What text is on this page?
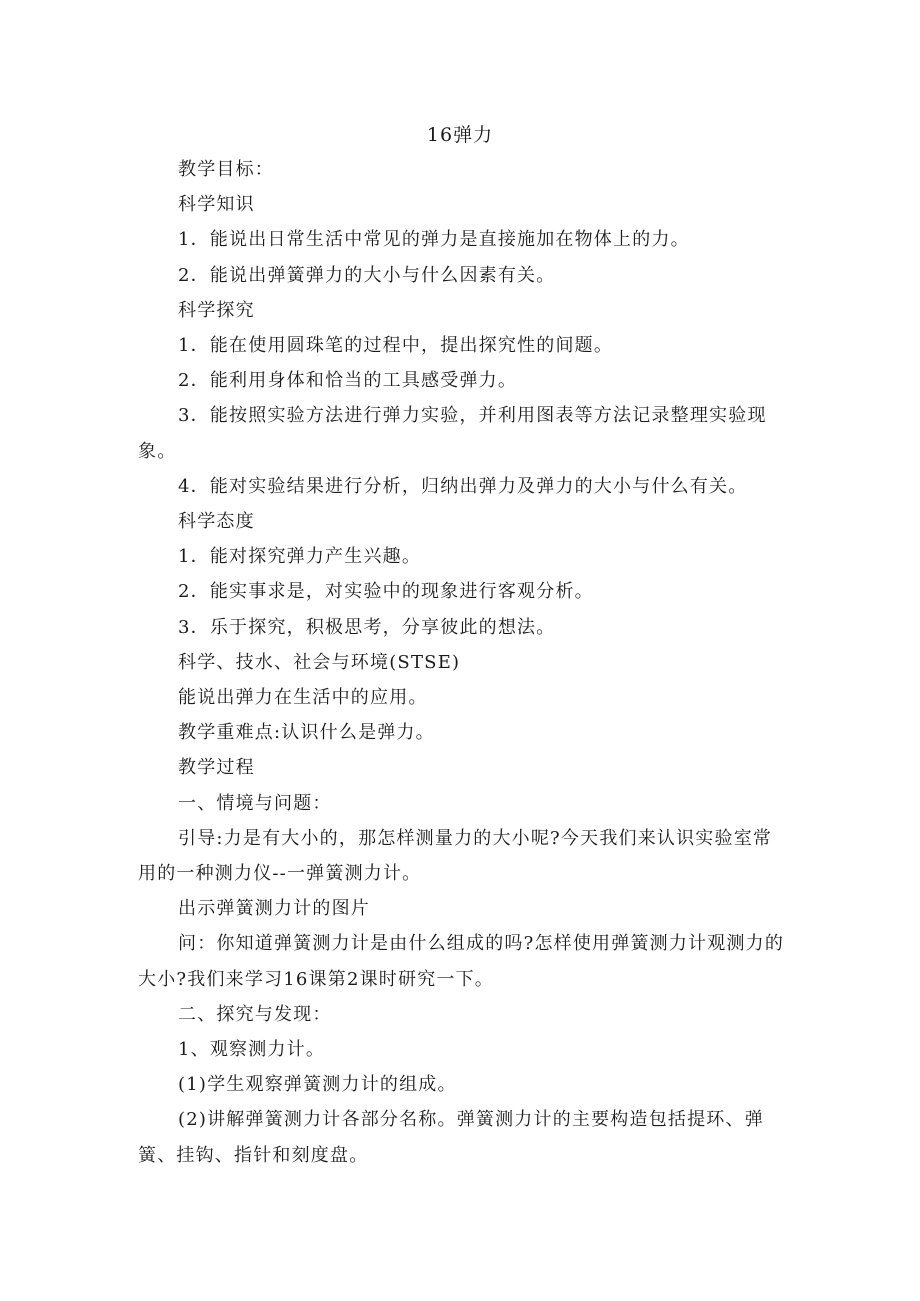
16弹力

教学目标：

科学知识

1．能说出日常生活中常见的弹力是直接施加在物体上的力。

2．能说出弹簧弹力的大小与什么因素有关。

科学探究

1．能在使用圆珠笔的过程中，提出探究性的间题。

2．能利用身体和恰当的工具感受弹力。

3．能按照实验方法进行弹力实验，并利用图表等方法记录整理实验现象。

4．能对实验结果进行分析，归纳出弹力及弹力的大小与什么有关。

科学态度

1．能对探究弹力产生兴趣。

2．能实事求是，对实验中的现象进行客观分析。

3．乐于探究，积极思考，分享彼此的想法。

科学、技水、社会与环境(STSE)

能说出弹力在生活中的应用。

教学重难点:认识什么是弹力。

教学过程

一、情境与问题：

引导:力是有大小的，那怎样测量力的大小呢?今天我们来认识实验室常用的一种测力仪--一弹簧测力计。

出示弹簧测力计的图片

问：你知道弹簧测力计是由什么组成的吗?怎样使用弹簧测力计观测力的大小?我们来学习16课第2课时研究一下。

二、探究与发现：

1、观察测力计。

(1)学生观察弹簧测力计的组成。

(2)讲解弹簧测力计各部分名称。弹簧测力计的主要构造包括提环、弹簧、挂钩、指针和刻度盘。
